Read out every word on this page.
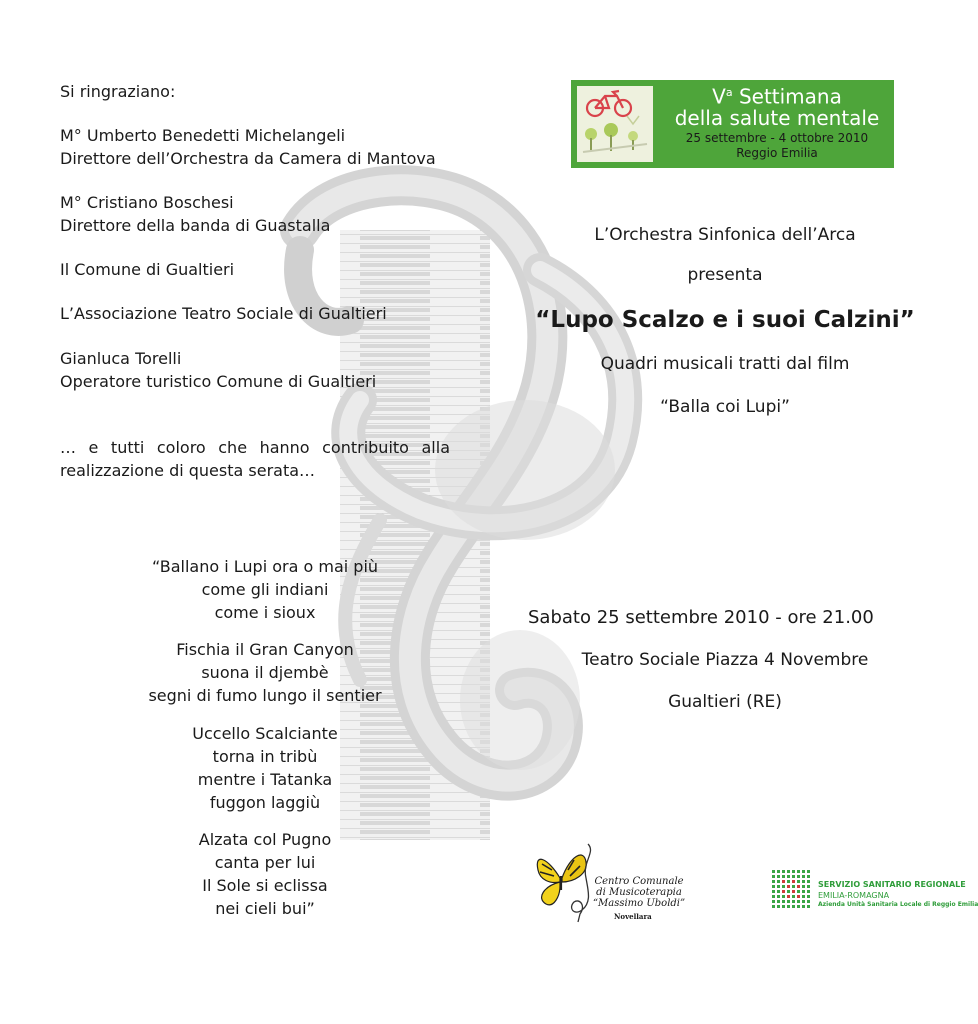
Si ringraziano:
M° Umberto Benedetti Michelangeli
Direttore dell’Orchestra da Camera di Mantova
M° Cristiano Boschesi
Direttore della banda di Guastalla
Il Comune di Gualtieri
L’Associazione Teatro Sociale di Gualtieri
Gianluca Torelli
Operatore turistico Comune di Gualtieri
… e tutti coloro che hanno contribuito alla realizzazione di questa serata…
“Ballano i Lupi ora o mai più
come gli indiani
come i sioux
Fischia il Gran Canyon
suona il djembè
segni di fumo lungo il sentier
Uccello Scalciante
torna in tribù
mentre i Tatanka
fuggon laggiù
Alzata col Pugno
canta per lui
Il Sole si eclissa
nei cieli bui”
$V^a$ Settimana
della salute mentale
25 settembre - 4 ottobre 2010
Reggio Emilia
L’Orchestra Sinfonica dell’Arca
presenta
“Lupo Scalzo e i suoi Calzini”
Quadri musicali tratti dal film
“Balla coi Lupi”
Sabato 25 settembre 2010 - ore 21.00
Teatro Sociale Piazza 4 Novembre
Gualtieri (RE)
Centro Comunale
di Musicoterapia
“Massimo Uboldi”
Novellara
SERVIZIO SANITARIO REGIONALE
EMILIA-ROMAGNA
Azienda Unità Sanitaria Locale di Reggio Emilia
